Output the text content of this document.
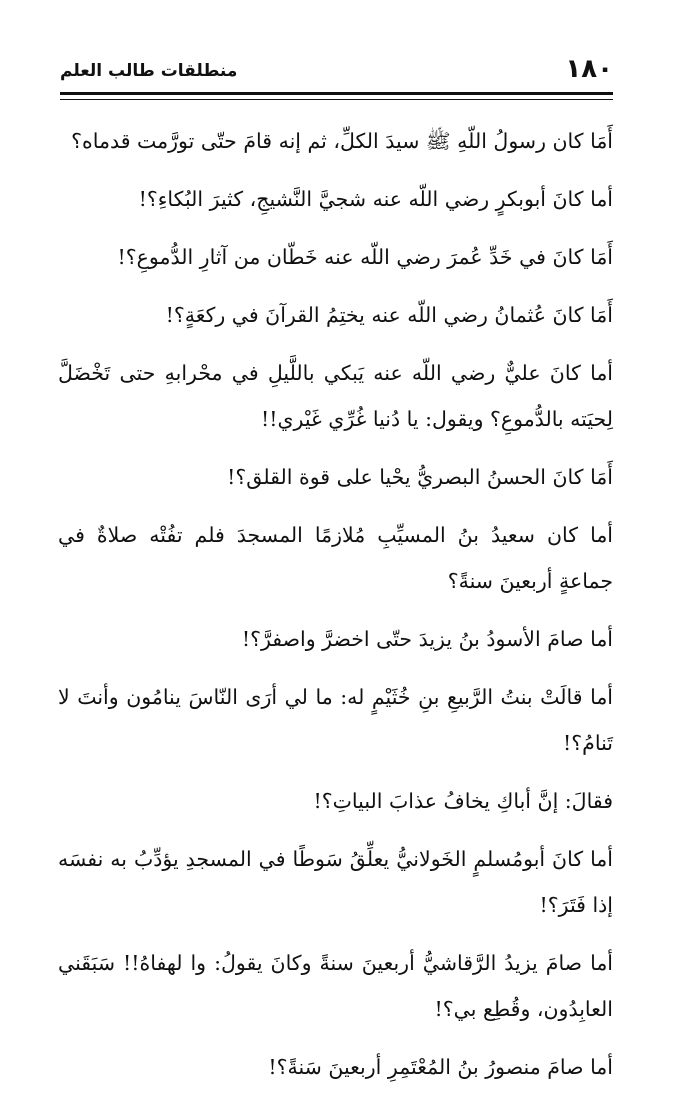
١٨٠
منطلقات طالب العلم

أَمَا كان رسولُ اللّهِ ﷺ سيدَ الكلِّ، ثم إنه قامَ حتّى تورَّمت قدماه؟

أما كانَ أبوبكرٍ رضي اللّه عنه شجيَّ النَّشيجِ، كثيرَ البُكاءِ؟!

أَمَا كانَ في خَدِّ عُمرَ رضي اللّه عنه خَطّان من آثارِ الدُّموعِ؟!

أَمَا كانَ عُثمانُ رضي اللّه عنه يختِمُ القرآنَ في ركعَةٍ؟!

أما كانَ عليٌّ رضي اللّه عنه يَبكي باللَّيلِ في محْرابهِ حتى تَخْضَلَّ لِحيَته بالدُّموعِ؟ ويقول: يا دُنيا غُرِّي غَيْري!!

أَمَا كانَ الحسنُ البصريُّ يحْيا على قوة القلق؟!

أما كان سعيدُ بنُ المسيِّبِ مُلازمًا المسجدَ فلم تفُتْه صلاةٌ في جماعةٍ أربعينَ سنةً؟

أما صامَ الأسودُ بنُ يزيدَ حتّى اخضرَّ واصفرَّ؟!

أما قالَتْ بنتُ الرَّبيعِ بنِ خُثَيْمٍ له: ما لي أرَى النّاسَ ينامُون وأنتَ لا تَنامُ؟!

فقالَ: إنَّ أباكِ يخافُ عذابَ البياتِ؟!

أما كانَ أبومُسلمٍ الخَولانيُّ يعلِّقُ سَوطًا في المسجدِ يؤدِّبُ به نفسَه إذا فَتَرَ؟!

أما صامَ يزيدُ الرَّقاشيُّ أربعينَ سنةً وكانَ يقولُ: وا لهفاهُ!! سَبَقَني العابِدُون، وقُطِع بي؟!

أما صامَ منصورُ بنُ المُعْتَمِرِ أربعينَ سَنةً؟!
